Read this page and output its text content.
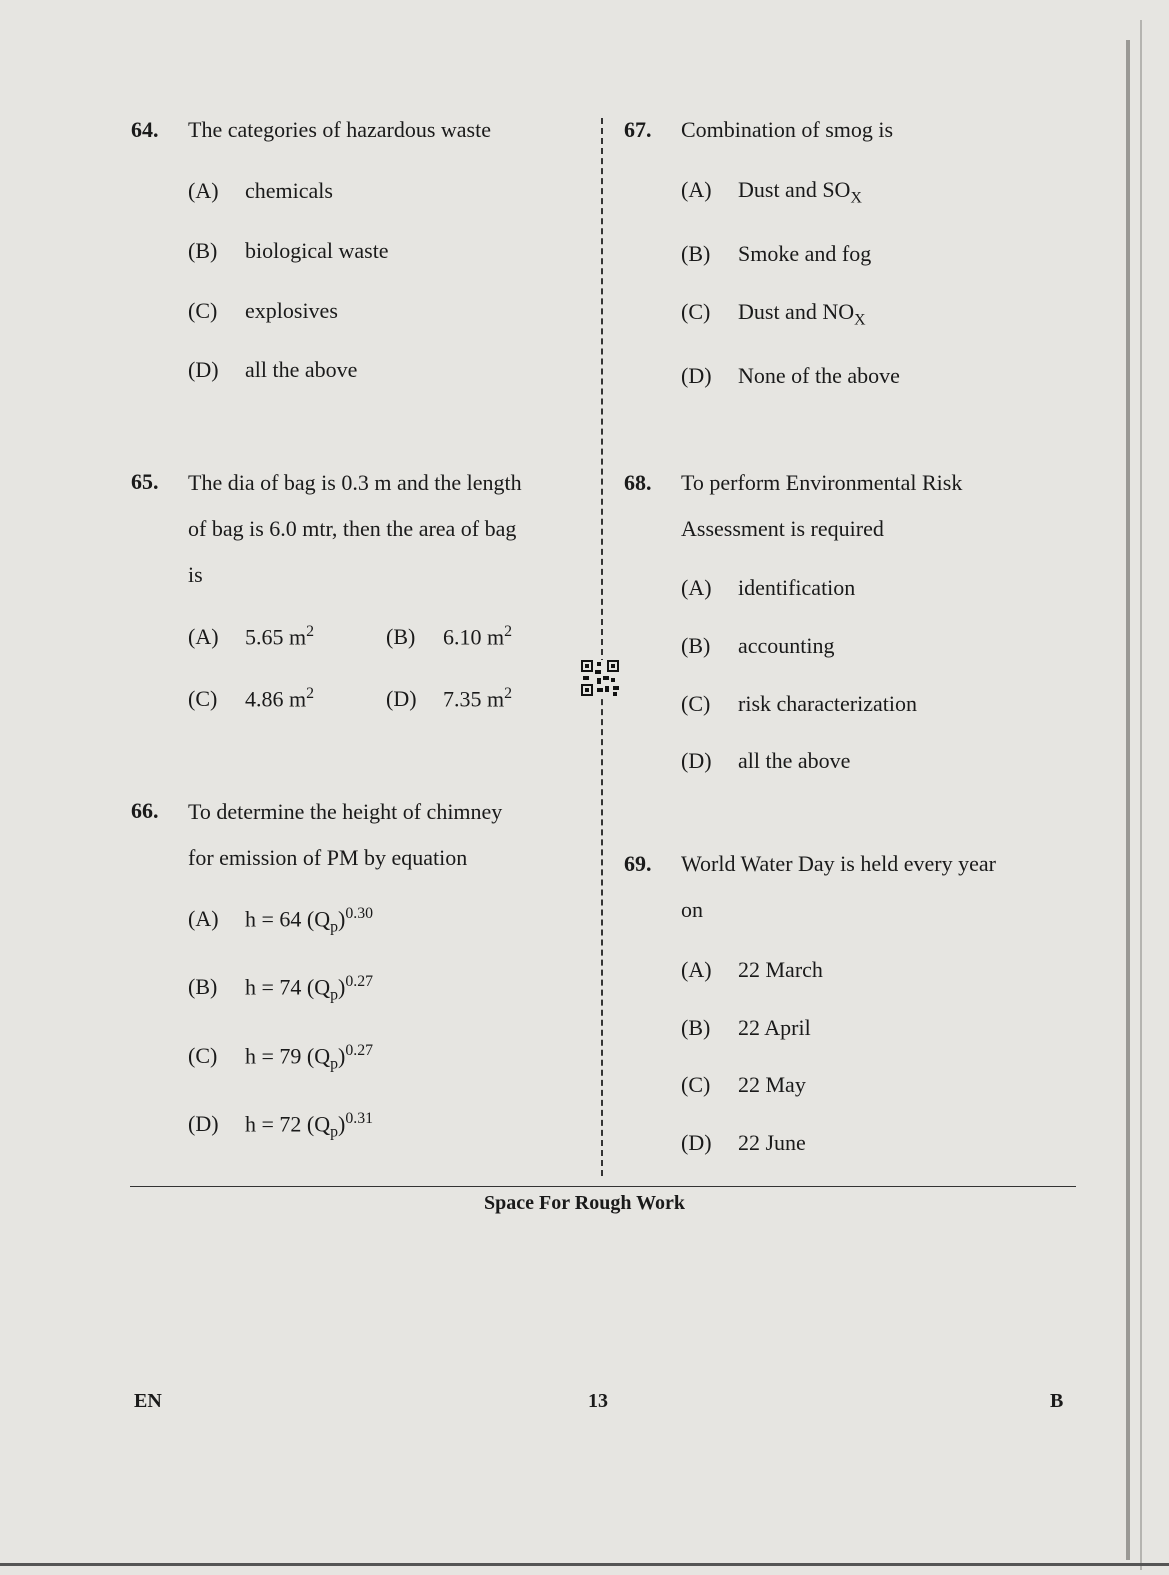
64. The categories of hazardous waste
(A) chemicals
(B) biological waste
(C) explosives
(D) all the above
65. The dia of bag is 0.3 m and the length
of bag is 6.0 mtr, then the area of bag
is
(A) 5.65 $m^2$	(B) 6.10 $m^2$
(C) 4.86 $m^2$	(D) 7.35 $m^2$
66. To determine the height of chimney
for emission of PM by equation
(A) h = 64 $(Q_p)^{0.30}$
(B) h = 74 $(Q_p)^{0.27}$
(C) h = 79 $(Q_p)^{0.27}$
(D) h = 72 $(Q_p)^{0.31}$
67. Combination of smog is
(A) Dust and $SO_X$
(B) Smoke and fog
(C) Dust and $NO_X$
(D) None of the above
68. To perform Environmental Risk
Assessment is required
(A) identification
(B) accounting
(C) risk characterization
(D) all the above
69. World Water Day is held every year
on
(A) 22 March
(B) 22 April
(C) 22 May
(D) 22 June
Space For Rough Work
EN	13	B
